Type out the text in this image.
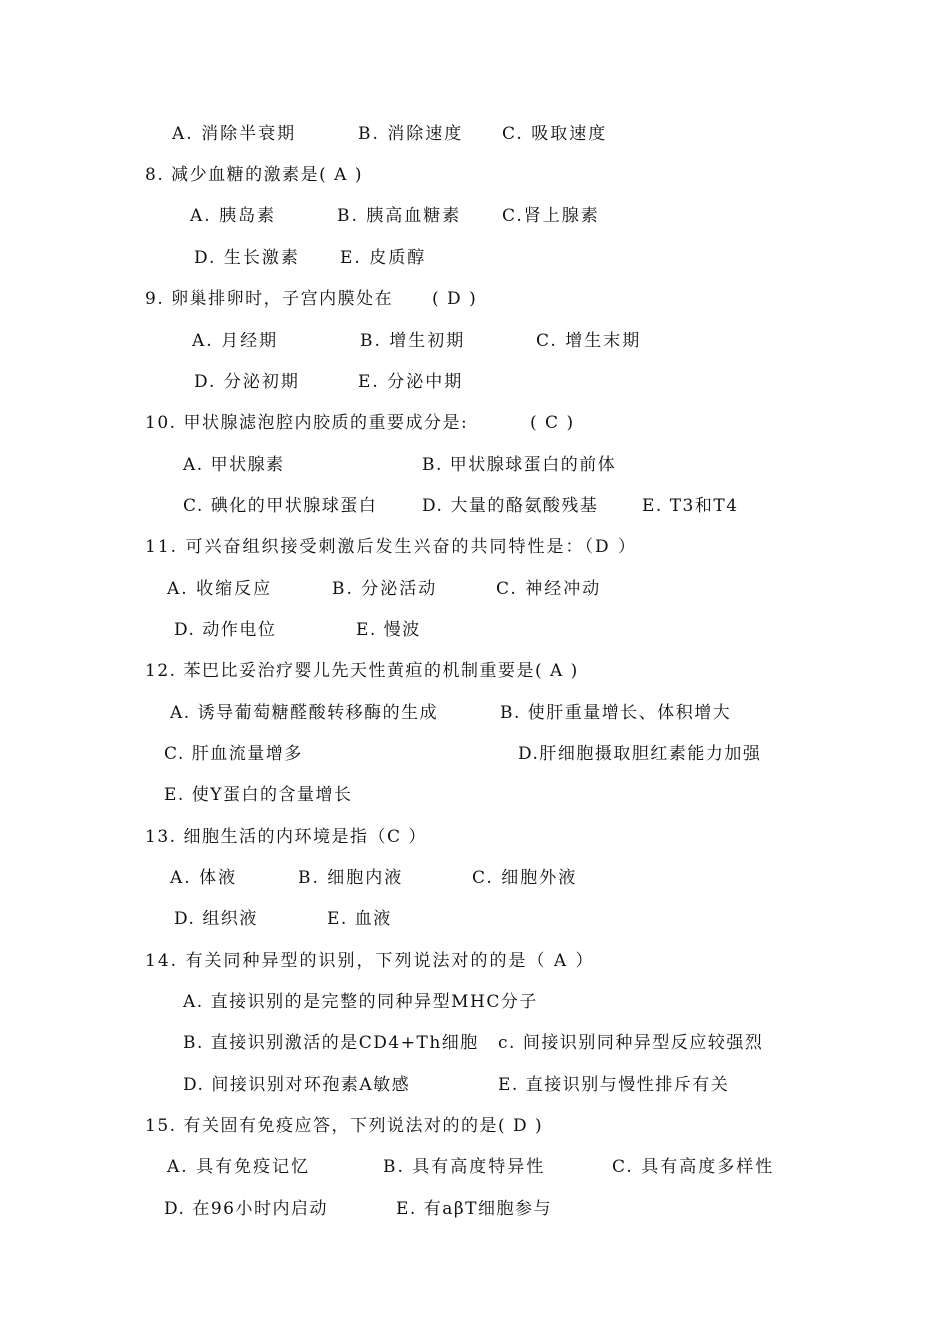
A. 消除半衰期	B. 消除速度 C. 吸取速度
8. 减少血糖的激素是( A )
A. 胰岛素	B. 胰高血糖素 C.肾上腺素
D. 生长激素 E. 皮质醇
9. 卵巢排卵时，子宫内膜处在 ( D )
A. 月经期	B. 增生初期	C. 增生末期
D. 分泌初期	E. 分泌中期
10. 甲状腺滤泡腔内胶质的重要成分是:	( C )
A. 甲状腺素	B. 甲状腺球蛋白的前体
C. 碘化的甲状腺球蛋白	D. 大量的酪氨酸残基	E. T3和T4
11. 可兴奋组织接受刺激后发生兴奋的共同特性是：（D ）
A. 收缩反应	B. 分泌活动	C. 神经冲动
D. 动作电位	E. 慢波
12. 苯巴比妥治疗婴儿先天性黄疸的机制重要是( A )
A. 诱导葡萄糖醛酸转移酶的生成	B. 使肝重量增长、体积增大
C. 肝血流量增多	D.肝细胞摄取胆红素能力加强
E. 使Y蛋白的含量增长
13. 细胞生活的内环境是指（C ）
A. 体液	B. 细胞内液	C. 细胞外液
D. 组织液	E. 血液
14. 有关同种异型的识别，下列说法对的的是（ A ）
A. 直接识别的是完整的同种异型MHC分子
B. 直接识别激活的是CD4+Th细胞 c. 间接识别同种异型反应较强烈
D. 间接识别对环孢素A敏感	E. 直接识别与慢性排斥有关
15. 有关固有免疫应答，下列说法对的的是( D )
A. 具有免疫记忆	B. 具有高度特异性	C. 具有高度多样性
D. 在96小时内启动	E. 有aβT细胞参与
